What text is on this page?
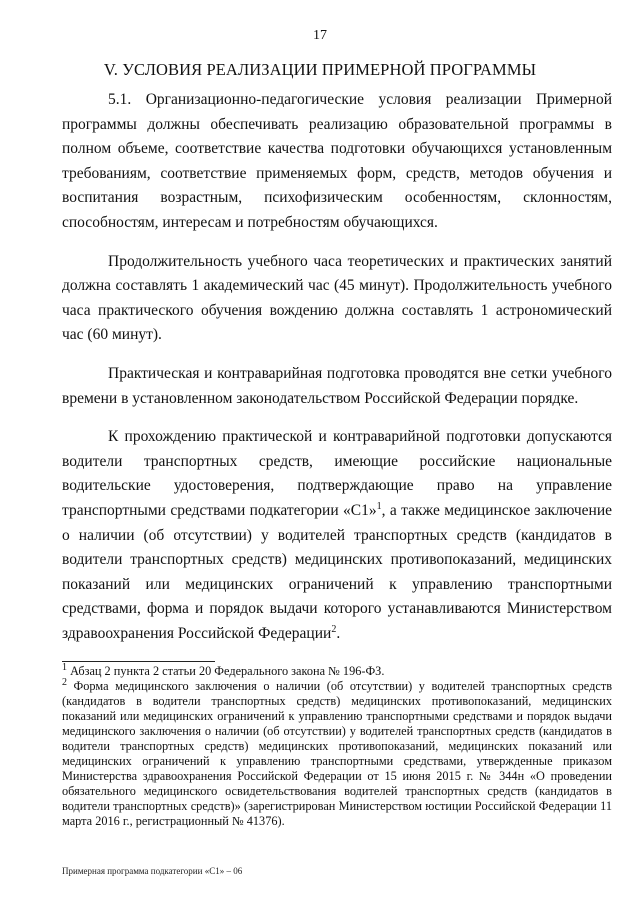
17
V. УСЛОВИЯ РЕАЛИЗАЦИИ ПРИМЕРНОЙ ПРОГРАММЫ

5.1. Организационно-педагогические условия реализации Примерной программы должны обеспечивать реализацию образовательной программы в полном объеме, соответствие качества подготовки обучающихся установленным требованиям, соответствие применяемых форм, средств, методов обучения и воспитания возрастным, психофизическим особенностям, склонностям, способностям, интересам и потребностям обучающихся.

Продолжительность учебного часа теоретических и практических занятий должна составлять 1 академический час (45 минут). Продолжительность учебного часа практического обучения вождению должна составлять 1 астрономический час (60 минут).

Практическая и контраварийная подготовка проводятся вне сетки учебного времени в установленном законодательством Российской Федерации порядке.

К прохождению практической и контраварийной подготовки допускаются водители транспортных средств, имеющие российские национальные водительские удостоверения, подтверждающие право на управление транспортными средствами подкатегории «С1»$^1$, а также медицинское заключение о наличии (об отсутствии) у водителей транспортных средств (кандидатов в водители транспортных средств) медицинских противопоказаний, медицинских показаний или медицинских ограничений к управлению транспортными средствами, форма и порядок выдачи которого устанавливаются Министерством здравоохранения Российской Федерации$^2$.

$^1$ Абзац 2 пункта 2 статьи 20 Федерального закона № 196-ФЗ.

$^2$ Форма медицинского заключения о наличии (об отсутствии) у водителей транспортных средств (кандидатов в водители транспортных средств) медицинских противопоказаний, медицинских показаний или медицинских ограничений к управлению транспортными средствами и порядок выдачи медицинского заключения о наличии (об отсутствии) у водителей транспортных средств (кандидатов в водители транспортных средств) медицинских противопоказаний, медицинских показаний или медицинских ограничений к управлению транспортными средствами, утвержденные приказом Министерства здравоохранения Российской Федерации от 15 июня 2015 г. № 344н «О проведении обязательного медицинского освидетельствования водителей транспортных средств (кандидатов в водители транспортных средств)» (зарегистрирован Министерством юстиции Российской Федерации 11 марта 2016 г., регистрационный № 41376).

Примерная программа подкатегории «С1» – 06
